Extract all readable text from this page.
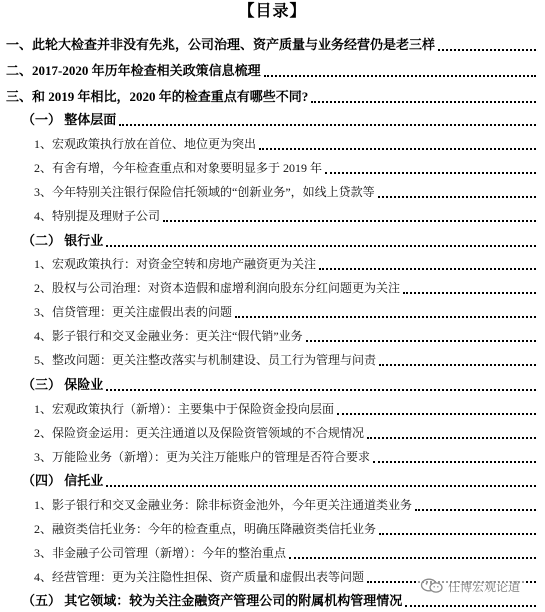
【目录】
一、此轮大检查并非没有先兆，公司治理、资产质量与业务经营仍是老三样
二、2017-2020 年历年检查相关政策信息梳理
三、和 2019 年相比，2020 年的检查重点有哪些不同?
（一） 整体层面
1、宏观政策执行放在首位、地位更为突出
2、有舍有增，今年检查重点和对象要明显多于 2019 年
3、今年特别关注银行保险信托领域的“创新业务”，如线上贷款等
4、特别提及理财子公司
（二） 银行业
1、宏观政策执行：对资金空转和房地产融资更为关注
2、股权与公司治理：对资本造假和虚增利润向股东分红问题更为关注
3、信贷管理：更关注虚假出表的问题
4、影子银行和交叉金融业务：更关注“假代销”业务
5、整改问题：更关注整改落实与机制建设、员工行为管理与问责
（三） 保险业
1、宏观政策执行（新增）：主要集中于保险资金投向层面
2、保险资金运用：更关注通道以及保险资管领域的不合规情况
3、万能险业务（新增）：更为关注万能账户的管理是否符合要求
（四） 信托业
1、影子银行和交叉金融业务：除非标资金池外，今年更关注通道类业务
2、融资类信托业务：今年的检查重点，明确压降融资类信托业务
3、非金融子公司管理（新增）：今年的整治重点
4、经营管理：更为关注隐性担保、资产质量和虚假出表等问题
（五） 其它领域：较为关注金融资产管理公司的附属机构管理情况
任博宏观论道
